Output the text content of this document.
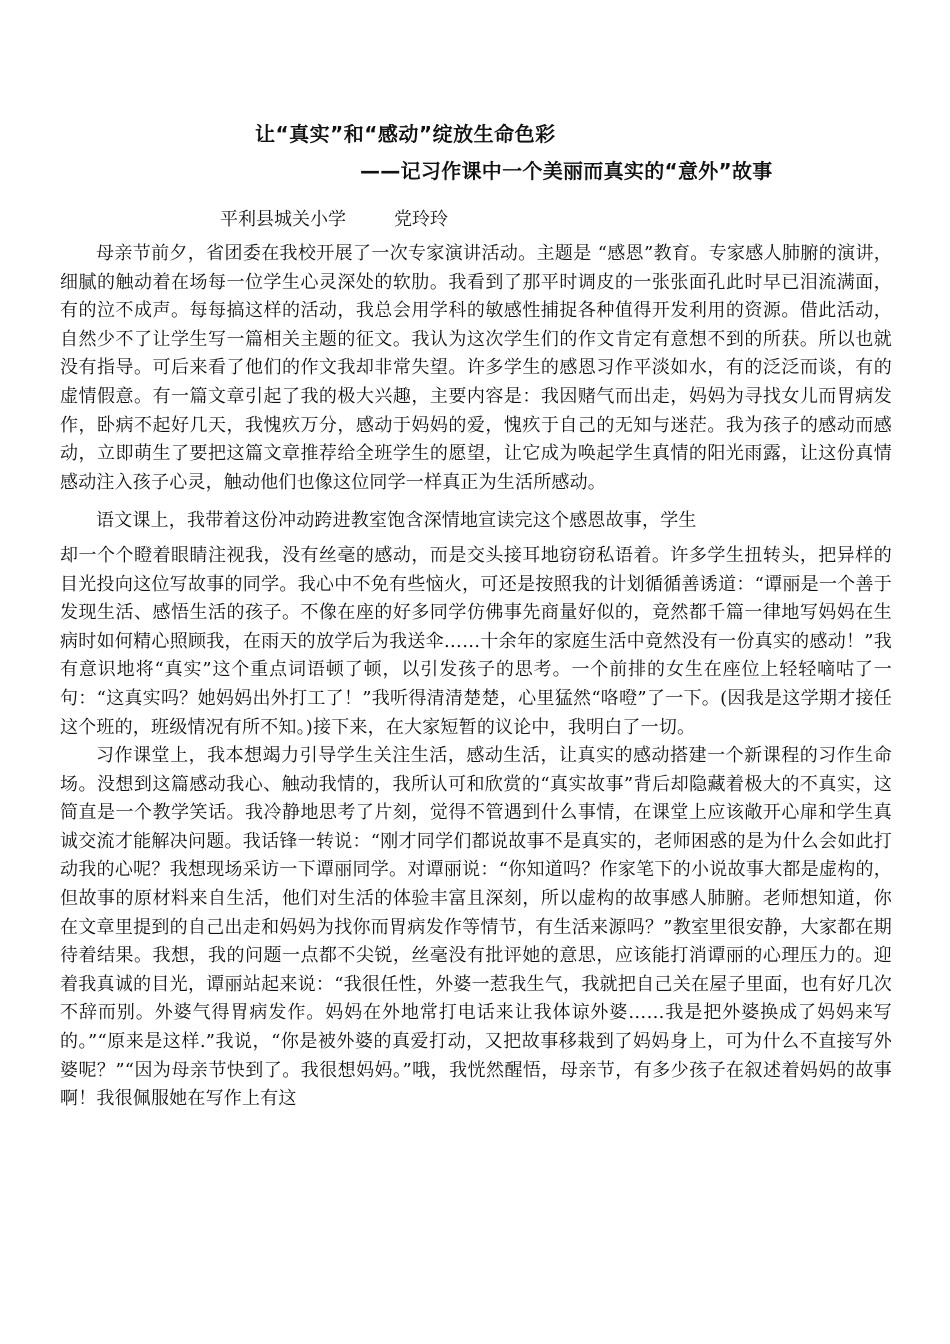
让“真实”和“感动”绽放生命色彩
——记习作课中一个美丽而真实的“意外”故事
平利县城关小学	党玲玲

母亲节前夕，省团委在我校开展了一次专家演讲活动。主题是 “感恩”教育。专家感人肺腑的演讲，细腻的触动着在场每一位学生心灵深处的软肋。我看到了那平时调皮的一张张面孔此时早已泪流满面，有的泣不成声。每每搞这样的活动，我总会用学科的敏感性捕捉各种值得开发利用的资源。借此活动，自然少不了让学生写一篇相关主题的征文。我认为这次学生们的作文肯定有意想不到的所获。所以也就没有指导。可后来看了他们的作文我却非常失望。许多学生的感恩习作平淡如水，有的泛泛而谈，有的虚情假意。有一篇文章引起了我的极大兴趣，主要内容是：我因赌气而出走，妈妈为寻找女儿而胃病发作，卧病不起好几天，我愧疚万分，感动于妈妈的爱，愧疚于自己的无知与迷茫。我为孩子的感动而感动，立即萌生了要把这篇文章推荐给全班学生的愿望，让它成为唤起学生真情的阳光雨露，让这份真情感动注入孩子心灵，触动他们也像这位同学一样真正为生活所感动。

语文课上，我带着这份冲动跨进教室饱含深情地宣读完这个感恩故事，学生

却一个个瞪着眼睛注视我，没有丝毫的感动，而是交头接耳地窃窃私语着。许多学生扭转头，把异样的目光投向这位写故事的同学。我心中不免有些恼火，可还是按照我的计划循循善诱道：“谭丽是一个善于发现生活、感悟生活的孩子。不像在座的好多同学仿佛事先商量好似的，竟然都千篇一律地写妈妈在生病时如何精心照顾我，在雨天的放学后为我送伞……十余年的家庭生活中竟然没有一份真实的感动！”我有意识地将“真实”这个重点词语顿了顿，以引发孩子的思考。一个前排的女生在座位上轻轻嘀咕了一句：“这真实吗？她妈妈出外打工了！”我听得清清楚楚，心里猛然“咯噔”了一下。(因我是这学期才接任这个班的，班级情况有所不知。)接下来，在大家短暂的议论中，我明白了一切。

习作课堂上，我本想竭力引导学生关注生活，感动生活，让真实的感动搭建一个新课程的习作生命场。没想到这篇感动我心、触动我情的，我所认可和欣赏的“真实故事”背后却隐藏着极大的不真实，这简直是一个教学笑话。我冷静地思考了片刻，觉得不管遇到什么事情，在课堂上应该敞开心扉和学生真诚交流才能解决问题。我话锋一转说：“刚才同学们都说故事不是真实的，老师困惑的是为什么会如此打动我的心呢？我想现场采访一下谭丽同学。对谭丽说：“你知道吗？作家笔下的小说故事大都是虚构的，但故事的原材料来自生活，他们对生活的体验丰富且深刻，所以虚构的故事感人肺腑。老师想知道，你在文章里提到的自己出走和妈妈为找你而胃病发作等情节，有生活来源吗？”教室里很安静，大家都在期待着结果。我想，我的问题一点都不尖锐，丝毫没有批评她的意思，应该能打消谭丽的心理压力的。迎着我真诚的目光，谭丽站起来说：“我很任性，外婆一惹我生气，我就把自己关在屋子里面，也有好几次不辞而别。外婆气得胃病发作。妈妈在外地常打电话来让我体谅外婆……我是把外婆换成了妈妈来写的。”“原来是这样.”我说，“你是被外婆的真爱打动，又把故事移栽到了妈妈身上，可为什么不直接写外婆呢？”“因为母亲节快到了。我很想妈妈。”哦，我恍然醒悟，母亲节，有多少孩子在叙述着妈妈的故事啊！我很佩服她在写作上有这
